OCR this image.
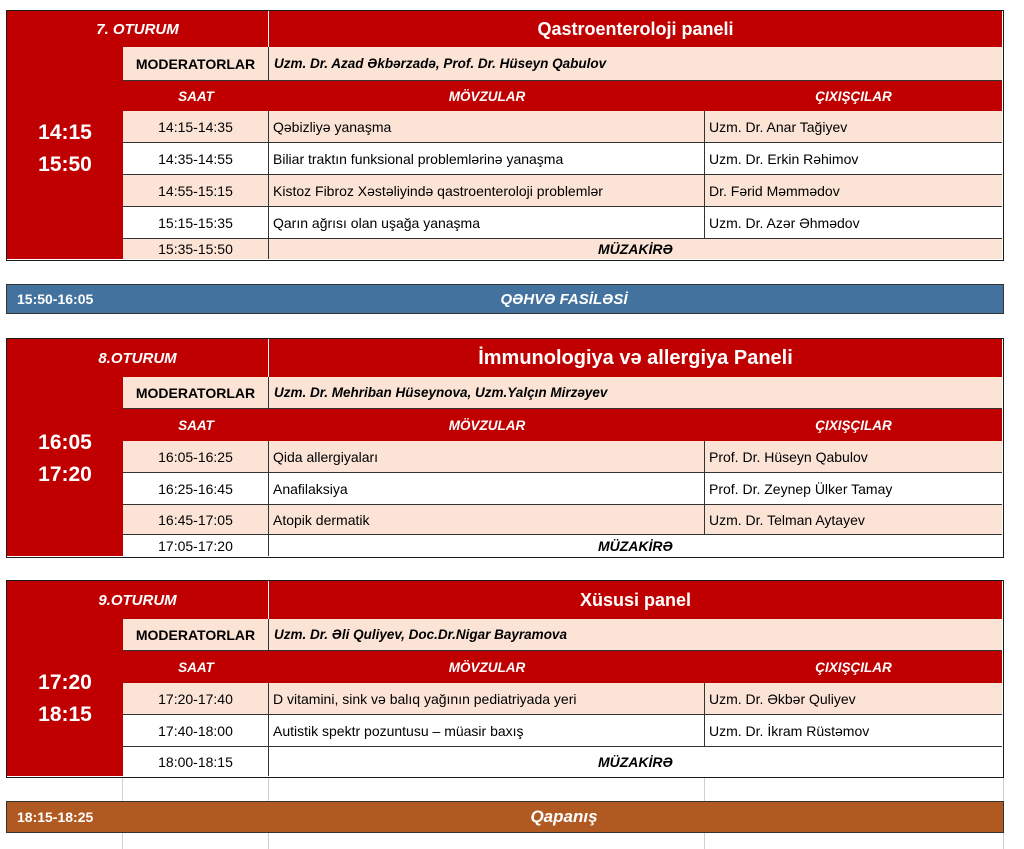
7. OTURUM	Qastroenteroloji paneli
14:15
15:50
MODERATORLAR	Uzm. Dr. Azad Əkbərzadə, Prof. Dr. Hüseyn Qabulov
SAAT	MÖVZULAR	ÇIXIŞÇILAR
14:15-14:35	Qəbizliyə yanaşma	Uzm. Dr. Anar Tağiyev
14:35-14:55	Biliar traktın funksional problemlərinə yanaşma	Uzm. Dr. Erkin Rəhimov
14:55-15:15	Kistoz Fibroz Xəstəliyində qastroenteroloji problemlər	Dr. Fərid Məmmədov
15:15-15:35	Qarın ağrısı olan uşağa yanaşma	Uzm. Dr. Azər Əhmədov
15:35-15:50	MÜZAKİRƏ
15:50-16:05	QƏHVƏ FASİLƏSİ
8.OTURUM	İmmunologiya və allergiya Paneli
16:05
17:20
MODERATORLAR	Uzm. Dr. Mehriban Hüseynova, Uzm.Yalçın Mirzəyev
SAAT	MÖVZULAR	ÇIXIŞÇILAR
16:05-16:25	Qida allergiyaları	Prof. Dr. Hüseyn Qabulov
16:25-16:45	Anafilaksiya	Prof. Dr. Zeynep Ülker Tamay
16:45-17:05	Atopik dermatik	Uzm. Dr. Telman Aytayev
17:05-17:20	MÜZAKİRƏ
9.OTURUM	Xüsusi panel
17:20
18:15
MODERATORLAR	Uzm. Dr. Əli Quliyev, Doc.Dr.Nigar Bayramova
SAAT	MÖVZULAR	ÇIXIŞÇILAR
17:20-17:40	D vitamini, sink və balıq yağının pediatriyada yeri	Uzm. Dr. Əkbər Quliyev
17:40-18:00	Autistik spektr pozuntusu – müasir baxış	Uzm. Dr. İkram Rüstəmov
18:00-18:15	MÜZAKİRƏ
18:15-18:25	Qapanış
